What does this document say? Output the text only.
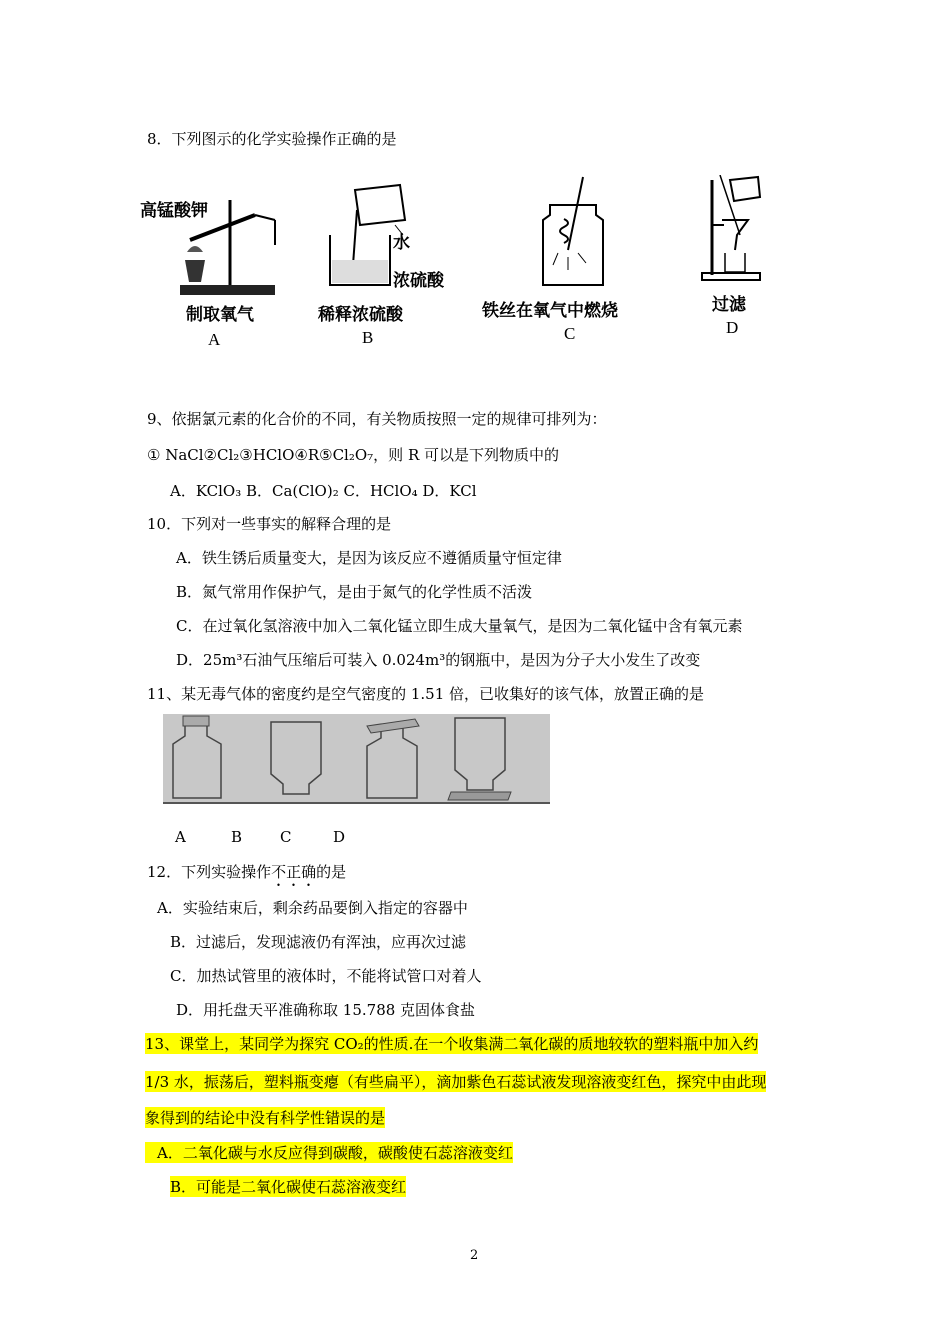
8．下列图示的化学实验操作正确的是
高锰酸钾
制取氧气
A
水
浓硫酸
稀释浓硫酸
B
铁丝在氧气中燃烧
C
过滤
D
9、依据氯元素的化合价的不同，有关物质按照一定的规律可排列为：
① NaCl②Cl₂③HClO④R⑤Cl₂O₇，则 R 可以是下列物质中的
A．KClO₃ B．Ca(ClO)₂ C．HClO₄ D．KCl
10．下列对一些事实的解释合理的是
A．铁生锈后质量变大，是因为该反应不遵循质量守恒定律
B．氮气常用作保护气，是由于氮气的化学性质不活泼
C．在过氧化氢溶液中加入二氧化锰立即生成大量氧气，是因为二氧化锰中含有氧元素
D．25m³石油气压缩后可装入 0.024m³的钢瓶中，是因为分子大小发生了改变
11、某无毒气体的密度约是空气密度的 1.51 倍，已收集好的该气体，放置正确的是
A	B	C	D
12．下列实验操作不正确的是
A．实验结束后，剩余药品要倒入指定的容器中
B．过滤后，发现滤液仍有浑浊，应再次过滤
C．加热试管里的液体时，不能将试管口对着人
D．用托盘天平准确称取 15.788 克固体食盐
13、课堂上，某同学为探究 CO₂的性质.在一个收集满二氧化碳的质地较软的塑料瓶中加入约
1/3 水，振荡后，塑料瓶变瘪（有些扁平），滴加紫色石蕊试液发现溶液变红色，探究中由此现
象得到的结论中没有科学性错误的是
A．二氧化碳与水反应得到碳酸，碳酸使石蕊溶液变红
B．可能是二氧化碳使石蕊溶液变红
2
